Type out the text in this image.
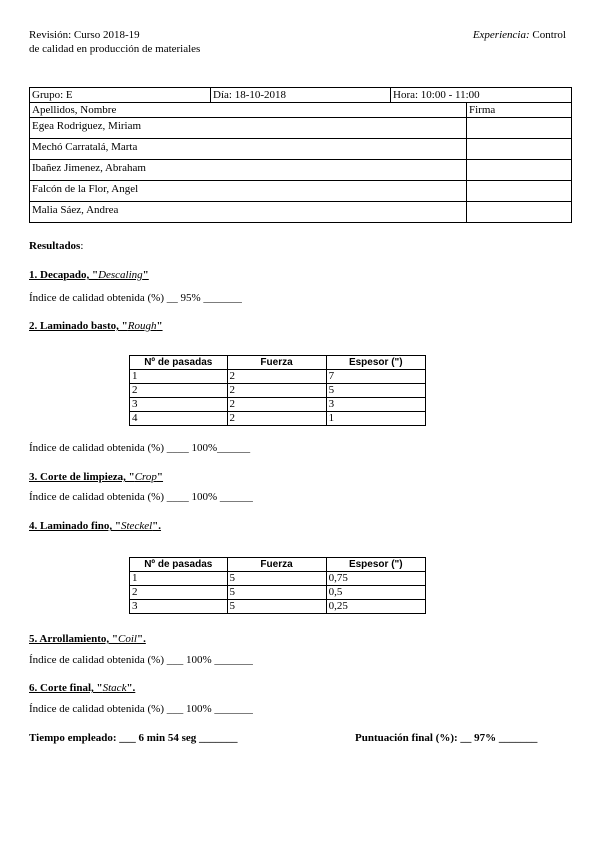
Revisión: Curso 2018-19
de calidad en producción de materiales
Experiencia: Control
Grupo: E	Día: 18-10-2018	Hora: 10:00 - 11:00	
Apellidos, Nombre			Firma
Egea Rodriguez, Miriam			
Mechó Carratalá, Marta			
Ibañez Jimenez, Abraham			
Falcón de la Flor, Angel			
Malia Sáez, Andrea			
Resultados:
1. Decapado, "Descaling"
Índice de calidad obtenida (%) __ 95% _______
2. Laminado basto, "Rough"
Nº de pasadas	Fuerza	Espesor (")
1	2	7
2	2	5
3	2	3
4	2	1
Índice de calidad obtenida (%) ____ 100%______
3. Corte de limpieza, "Crop"
Índice de calidad obtenida (%) ____ 100% ______
4. Laminado fino, "Steckel".
Nº de pasadas	Fuerza	Espesor (")
1	5	0,75
2	5	0,5
3	5	0,25
5. Arrollamiento, "Coil".
Índice de calidad obtenida (%) ___ 100% _______
6. Corte final, "Stack".
Índice de calidad obtenida (%) ___ 100% _______
Tiempo empleado: ___ 6 min 54 seg _______	Puntuación final (%): __ 97% _______
